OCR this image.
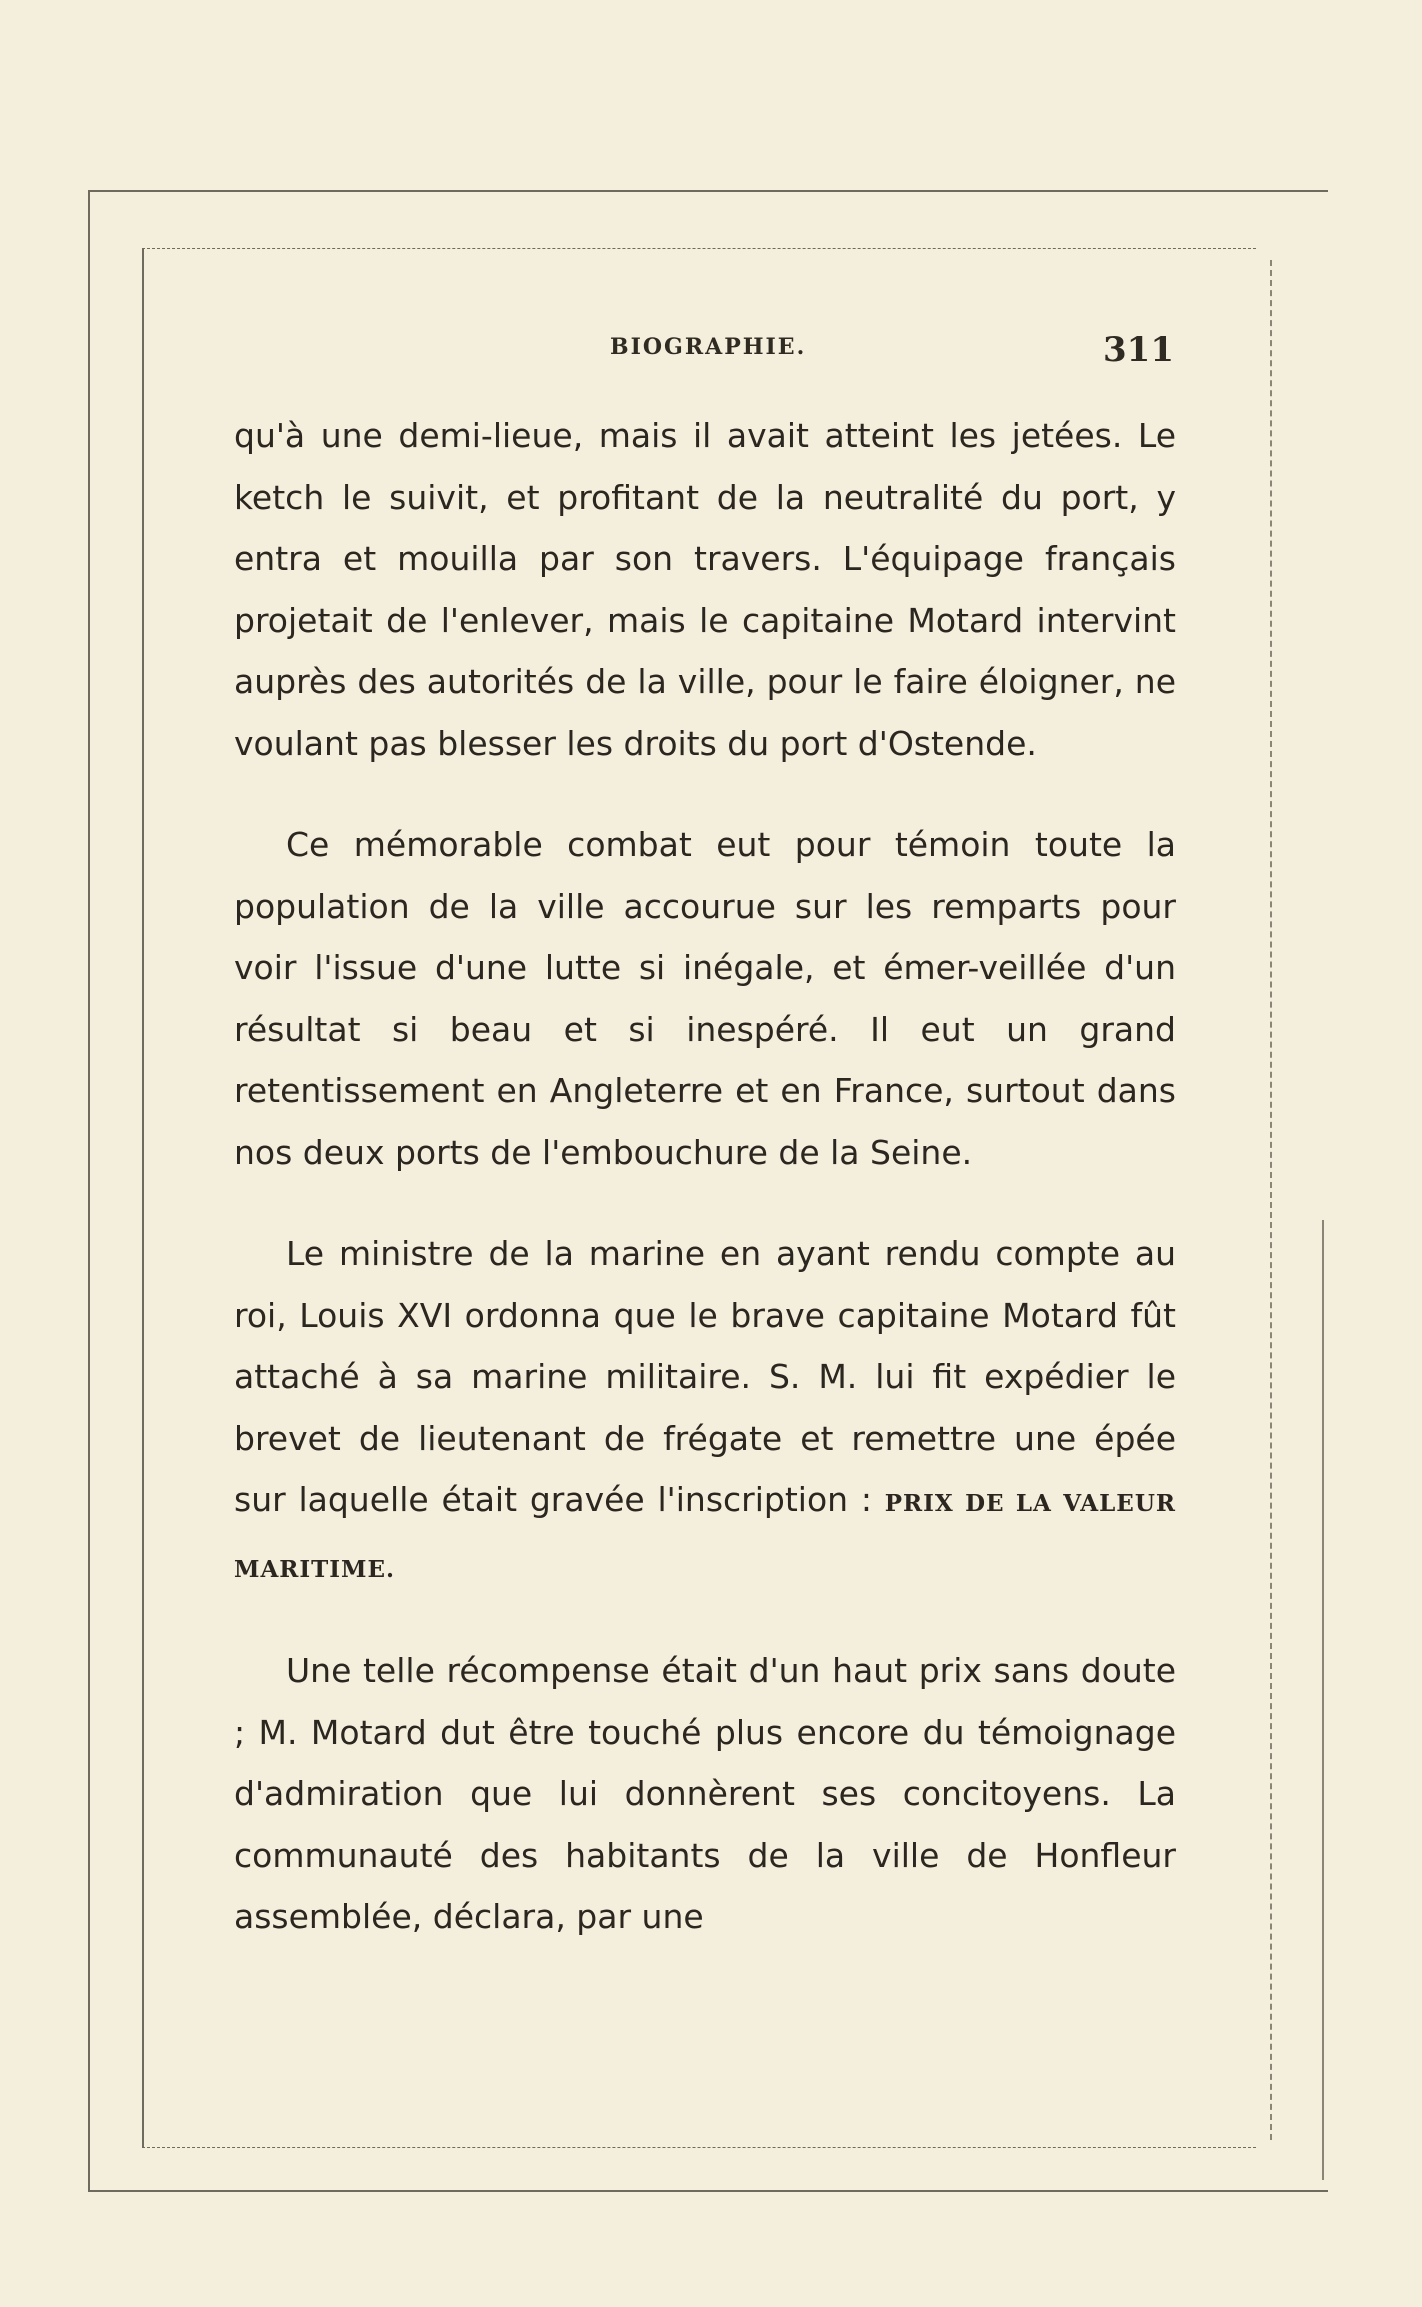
BIOGRAPHIE.	311

qu'à une demi-lieue, mais il avait atteint les jetées. Le ketch le suivit, et profitant de la neutralité du port, y entra et mouilla par son travers. L'équipage français projetait de l'enlever, mais le capitaine Motard intervint auprès des autorités de la ville, pour le faire éloigner, ne voulant pas blesser les droits du port d'Ostende.

Ce mémorable combat eut pour témoin toute la population de la ville accourue sur les remparts pour voir l'issue d'une lutte si inégale, et émer-veillée d'un résultat si beau et si inespéré. Il eut un grand retentissement en Angleterre et en France, surtout dans nos deux ports de l'embouchure de la Seine.

Le ministre de la marine en ayant rendu compte au roi, Louis XVI ordonna que le brave capitaine Motard fût attaché à sa marine militaire. S. M. lui fit expédier le brevet de lieutenant de frégate et remettre une épée sur laquelle était gravée l'inscription : PRIX DE LA VALEUR MARITIME.

Une telle récompense était d'un haut prix sans doute ; M. Motard dut être touché plus encore du témoignage d'admiration que lui donnèrent ses concitoyens. La communauté des habitants de la ville de Honfleur assemblée, déclara, par une
